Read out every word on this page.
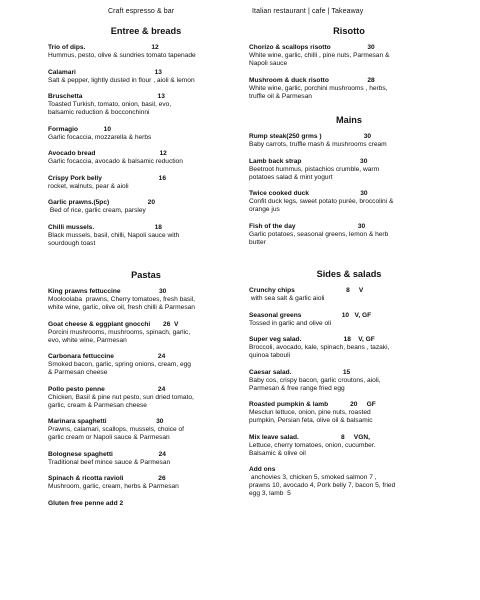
Craft espresso & bar	Italian restaurant | cafe | Takeaway
Entree & breads
Trio of dips.                                    12
Hummus, pesto, olive & sundries tomato tapenade
Calamari                                           13
Salt & pepper, lightly dusted in flour , aioli & lemon
Bruschetta                                         13
Toasted Turkish, tomato, onion, basil, evo,
balsamic reduction & bocconchinni
Formagio              10
Garlic focaccia, mozzarella & herbs
Avocado bread                                   12
Garlic focaccia, avocado & balsamic reduction
Crispy Pork belly                               16
rocket, walnuts, pear & aioli
Garlic prawns.(5pc)                     20
Bed of rice, garlic cream, parsley
Chilli mussels.                                 18
Black mussels, basil, chilli, Napoli sauce with
sourdough toast
Pastas
King prawns fettuccine                     30
Mooloolaba  prawns, Cherry tomatoes, fresh basil,
white wine, garlic, olive oil, fresh chilli & Parmesan
Goat cheese & eggplant gnocchi       26  V
Porcini mushrooms, mushrooms, spinach, garlic,
evo, white wine, Parmesan
Carbonara fettuccine                        24
Smoked bacon, garlic, spring onions, cream, egg
& Parmesan cheese
Pollo pesto penne                             24
Chicken, Basil & pine nut pesto, sun dried tomato,
garlic, cream & Parmesan cheese
Marinara spaghetti                           30
Prawns, calamari, scallops, mussels, choice of
garlic cream or Napoli sauce & Parmesan
Bolognese spaghetti                         24
Traditional beef mince sauce & Parmesan
Spinach & ricotta ravioli                   26
Mushroom, garlic, cream, herbs & Parmesan
Gluten free penne add 2
Risotto
Chorizo & scallops risotto                    30
White wine, garlic, chilli , pine nuts, Parmesan &
Napoli sauce
Mushroom & duck risotto                     28
White wine, garlic, porchini mushrooms , herbs,
truffle oil & Parmesan
Mains
Rump steak(250 grms )                       30
Baby carrots, truffle mash & mushrooms cream
Lamb back strap                                30
Beetroot hummus, pistachios crumble, warm
potatoes salad & mint yogurt
Twice cooked duck                            30
Confit duck legs, sweet potato purée, broccolini &
orange jus
Fish of the day                                  30
Garlic potatoes, seasonal greens, lemon & herb
butter
Sides & salads
Crunchy chips                            8     V
with sea salt & garlic aioli
Seasonal greens                      10   V, GF
Tossed in garlic and olive oli
Super veg salad.                       18    V, GF
Broccoli, avocado, kale, spinach, beans , tazaki,
quinoa tabouli
Caesar salad.                            15
Baby cos, crispy bacon, garlic croutons, aioli,
Parmesan & free range fried egg
Roasted pumpkin & lamb            20     GF
Mesclun lettuce, onion, pine nuts, roasted
pumpkin, Persian feta, olive oil & balsamic
Mix leave salad.                       8     VGN,
Lettuce, cherry tomatoes, onion, cucumber.
Balsamic & olive oil
Add ons
anchovies 3, chicken 5, smoked salmon 7 ,
prawns 10, avocado 4, Pork belly 7, bacon 5, fried
egg 3, lamb  5
